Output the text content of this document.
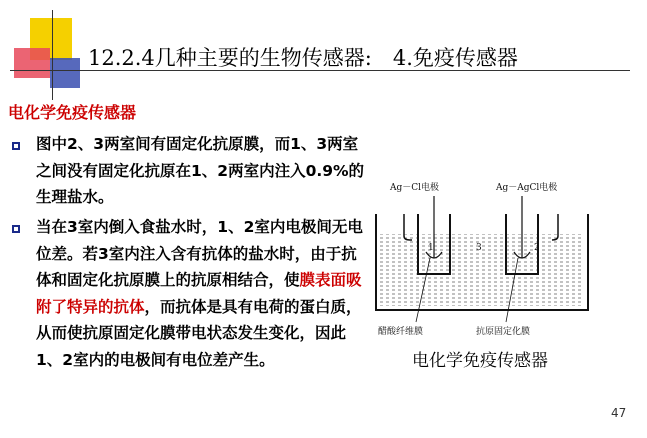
12.2.4几种主要的生物传感器:　4.免疫传感器
电化学免疫传感器
图中2、3两室间有固定化抗原膜，而1、3两室之间没有固定化抗原在1、2两室内注入0.9%的生理盐水。
当在3室内倒入食盐水时，1、2室内电极间无电位差。若3室内注入含有抗体的盐水时，由于抗体和固定化抗原膜上的抗原相结合，使膜表面吸附了特异的抗体，而抗体是具有电荷的蛋白质，从而使抗原固定化膜带电状态发生变化，因此1、2室内的电极间有电位差产生。
Ag－Cl电极	Ag－AgCl电极
1	3	2
醋酸纤维膜	抗原固定化膜
电化学免疫传感器
47
